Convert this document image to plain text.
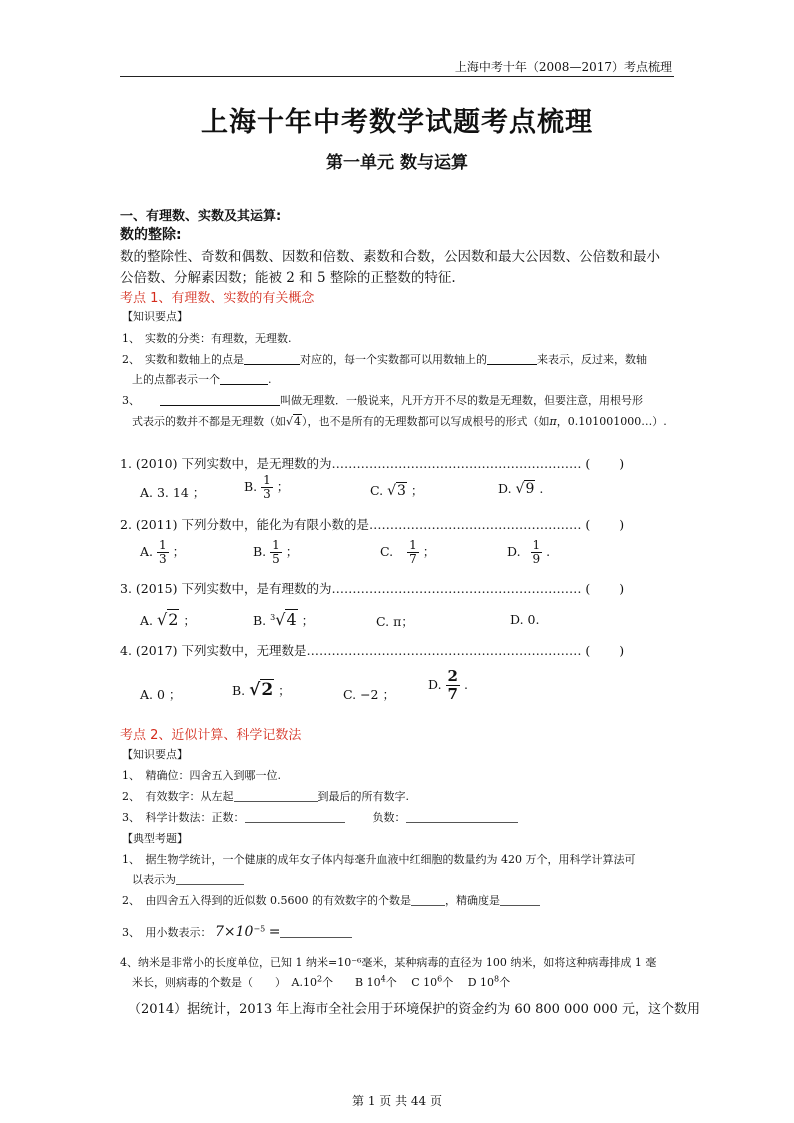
上海中考十年（2008—2017）考点梳理
上海十年中考数学试题考点梳理
第一单元 数与运算
一、有理数、实数及其运算:
数的整除:
数的整除性、奇数和偶数、因数和倍数、素数和合数，公因数和最大公因数、公倍数和最小
公倍数、分解素因数；能被 2 和 5 整除的正整数的特征.
考点 1、有理数、实数的有关概念
【知识要点】
1、 实数的分类：有理数，无理数.
2、 实数和数轴上的点是	对应的，每一个实数都可以用数轴上的	来表示，反过来，数轴
上的点都表示一个	.
3、	叫做无理数．一般说来，凡开方开不尽的数是无理数，但要注意，用根号形
式表示的数并不都是无理数（如√4），也不是所有的无理数都可以写成根号的形式（如π，0.101001000…）.
1. (2010) 下列实数中，是无理数的为…………………………………………………… (　　 )
A. 3. 14 ；	B. $\frac{1}{3}$ ；	C. √3 ；	D. √9 .
2. (2011) 下列分数中，能化为有限小数的是…………………………………………… (　　 )
A. $\frac{1}{3}$ ；	B. $\frac{1}{5}$ ；	C. $\frac{1}{7}$ ；	D. $\frac{1}{9}$ .
3. (2015) 下列实数中，是有理数的为…………………………………………………… (　　 )
A. √2 ；	B. $^3$√4 ；	C. π；	D. 0.
4. (2017) 下列实数中，无理数是………………………………………………………… (　　 )
A. 0 ；	B. √2 ；	C. −2 ；
D. $\frac{2}{7}$ .
考点 2、近似计算、科学记数法
【知识要点】
1、　精确位：四舍五入到哪一位.
2、　有效数字：从左起	到最后的所有数字.
3、　科学计数法：正数：	负数：
【典型考题】
1、　据生物学统计，一个健康的成年女子体内每毫升血液中红细胞的数量约为 420 万个，用科学计算法可
以表示为
2、　由四舍五入得到的近似数 0.5600 的有效数字的个数是	，精确度是
3、　用小数表示： $7\times 10^{-5}$ =
4、纳米是非常小的长度单位，已知 1 纳米=10⁻⁶毫米，某种病毒的直径为 100 纳米，如将这种病毒排成 1 毫
米长，则病毒的个数是（　　）　$A.10^2$个　　B $10^4$个　 C $10^6$个　 D $10^8$个
（2014）据统计，2013 年上海市全社会用于环境保护的资金约为 60 800 000 000 元，这个数用
第 1 页 共 44 页
